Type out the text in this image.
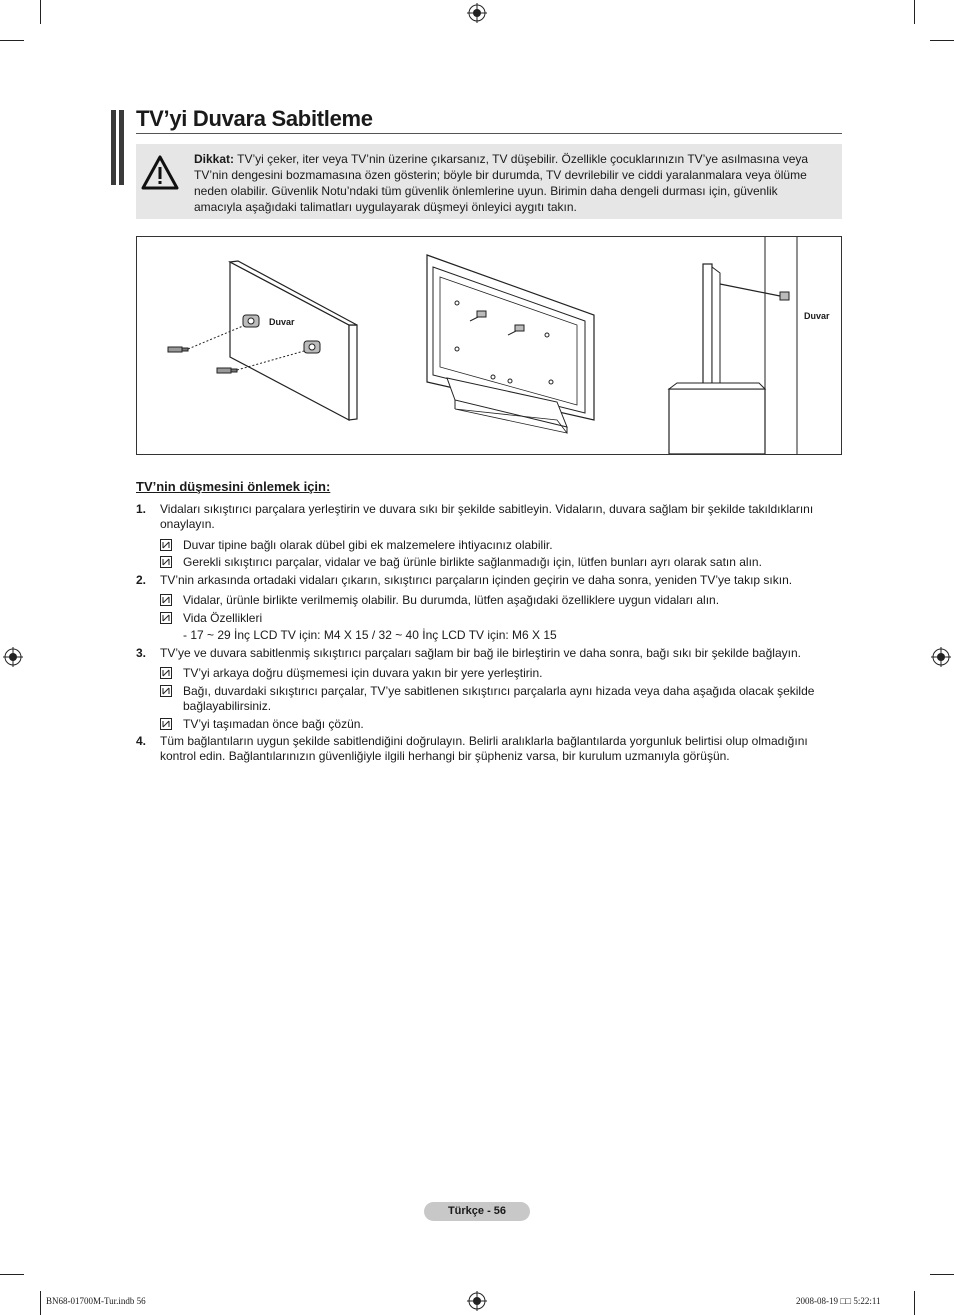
TV’yi Duvara Sabitleme
Dikkat: TV’yi çeker, iter veya TV’nin üzerine çıkarsanız, TV düşebilir. Özellikle çocuklarınızın TV’ye asılmasına veya TV’nin dengesini bozmamasına özen gösterin; böyle bir durumda, TV devrilebilir ve ciddi yaralanmalara veya ölüme neden olabilir. Güvenlik Notu’ndaki tüm güvenlik önlemlerine uyun. Birimin daha dengeli durması için, güvenlik amacıyla aşağıdaki talimatları uygulayarak düşmeyi önleyici aygıtı takın.
Duvar
Duvar
TV’nin düşmesini önlemek için:
1. Vidaları sıkıştırıcı parçalara yerleştirin ve duvara sıkı bir şekilde sabitleyin. Vidaların, duvara sağlam bir şekilde takıldıklarını onaylayın.
Duvar tipine bağlı olarak dübel gibi ek malzemelere ihtiyacınız olabilir.
Gerekli sıkıştırıcı parçalar, vidalar ve bağ ürünle birlikte sağlanmadığı için, lütfen bunları ayrı olarak satın alın.
2. TV’nin arkasında ortadaki vidaları çıkarın, sıkıştırıcı parçaların içinden geçirin ve daha sonra, yeniden TV’ye takıp sıkın.
Vidalar, ürünle birlikte verilmemiş olabilir. Bu durumda, lütfen aşağıdaki özelliklere uygun vidaları alın.
Vida Özellikleri
- 17 ~ 29 İnç LCD TV için: M4 X 15 / 32 ~ 40 İnç LCD TV için: M6 X 15
3. TV’ye ve duvara sabitlenmiş sıkıştırıcı parçaları sağlam bir bağ ile birleştirin ve daha sonra, bağı sıkı bir şekilde bağlayın.
TV’yi arkaya doğru düşmemesi için duvara yakın bir yere yerleştirin.
Bağı, duvardaki sıkıştırıcı parçalar, TV’ye sabitlenen sıkıştırıcı parçalarla aynı hizada veya daha aşağıda olacak şekilde bağlayabilirsiniz.
TV’yi taşımadan önce bağı çözün.
4. Tüm bağlantıların uygun şekilde sabitlendiğini doğrulayın. Belirli aralıklarla bağlantılarda yorgunluk belirtisi olup olmadığını kontrol edin. Bağlantılarınızın güvenliğiyle ilgili herhangi bir şüpheniz varsa, bir kurulum uzmanıyla görüşün.
Türkçe - 56
BN68-01700M-Tur.indb 56	2008-08-19 □□ 5:22:11
